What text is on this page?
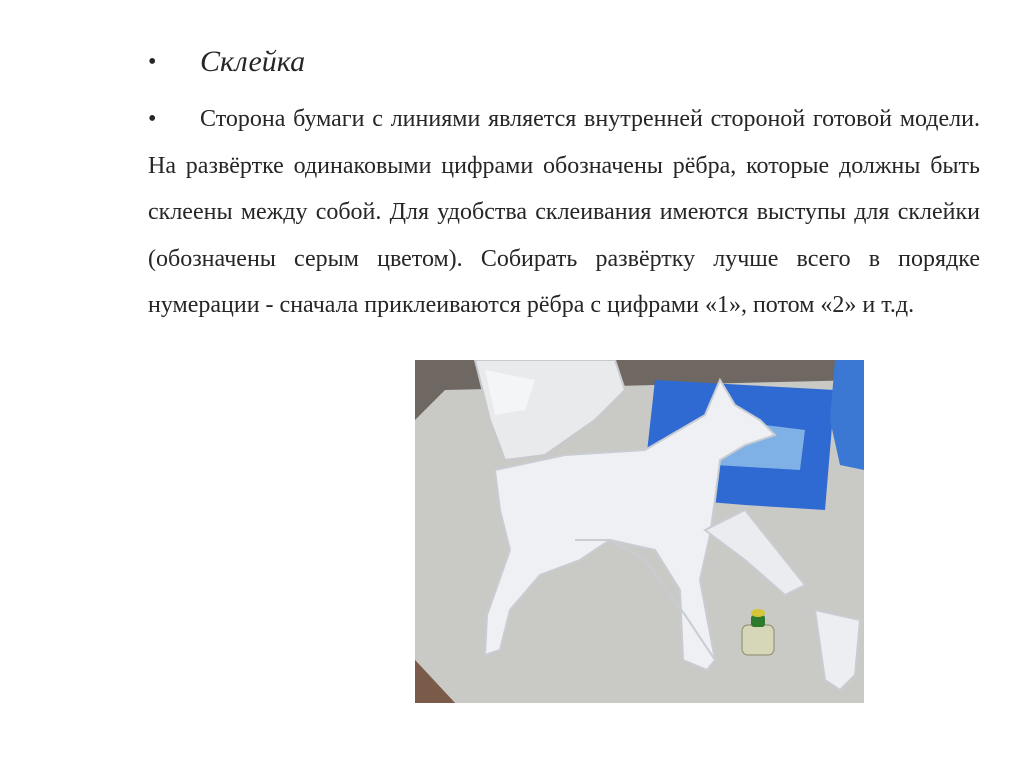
• Склейка
•	Сторона бумаги с линиями является внутренней стороной готовой модели. На развёртке одинаковыми цифрами обозначены рёбра, которые должны быть склеены между собой. Для удобства склеивания имеются выступы для склейки (обозначены серым цветом). Собирать развёртку лучше всего в порядке нумерации - сначала приклеиваются рёбра с цифрами «1», потом «2» и т.д.
